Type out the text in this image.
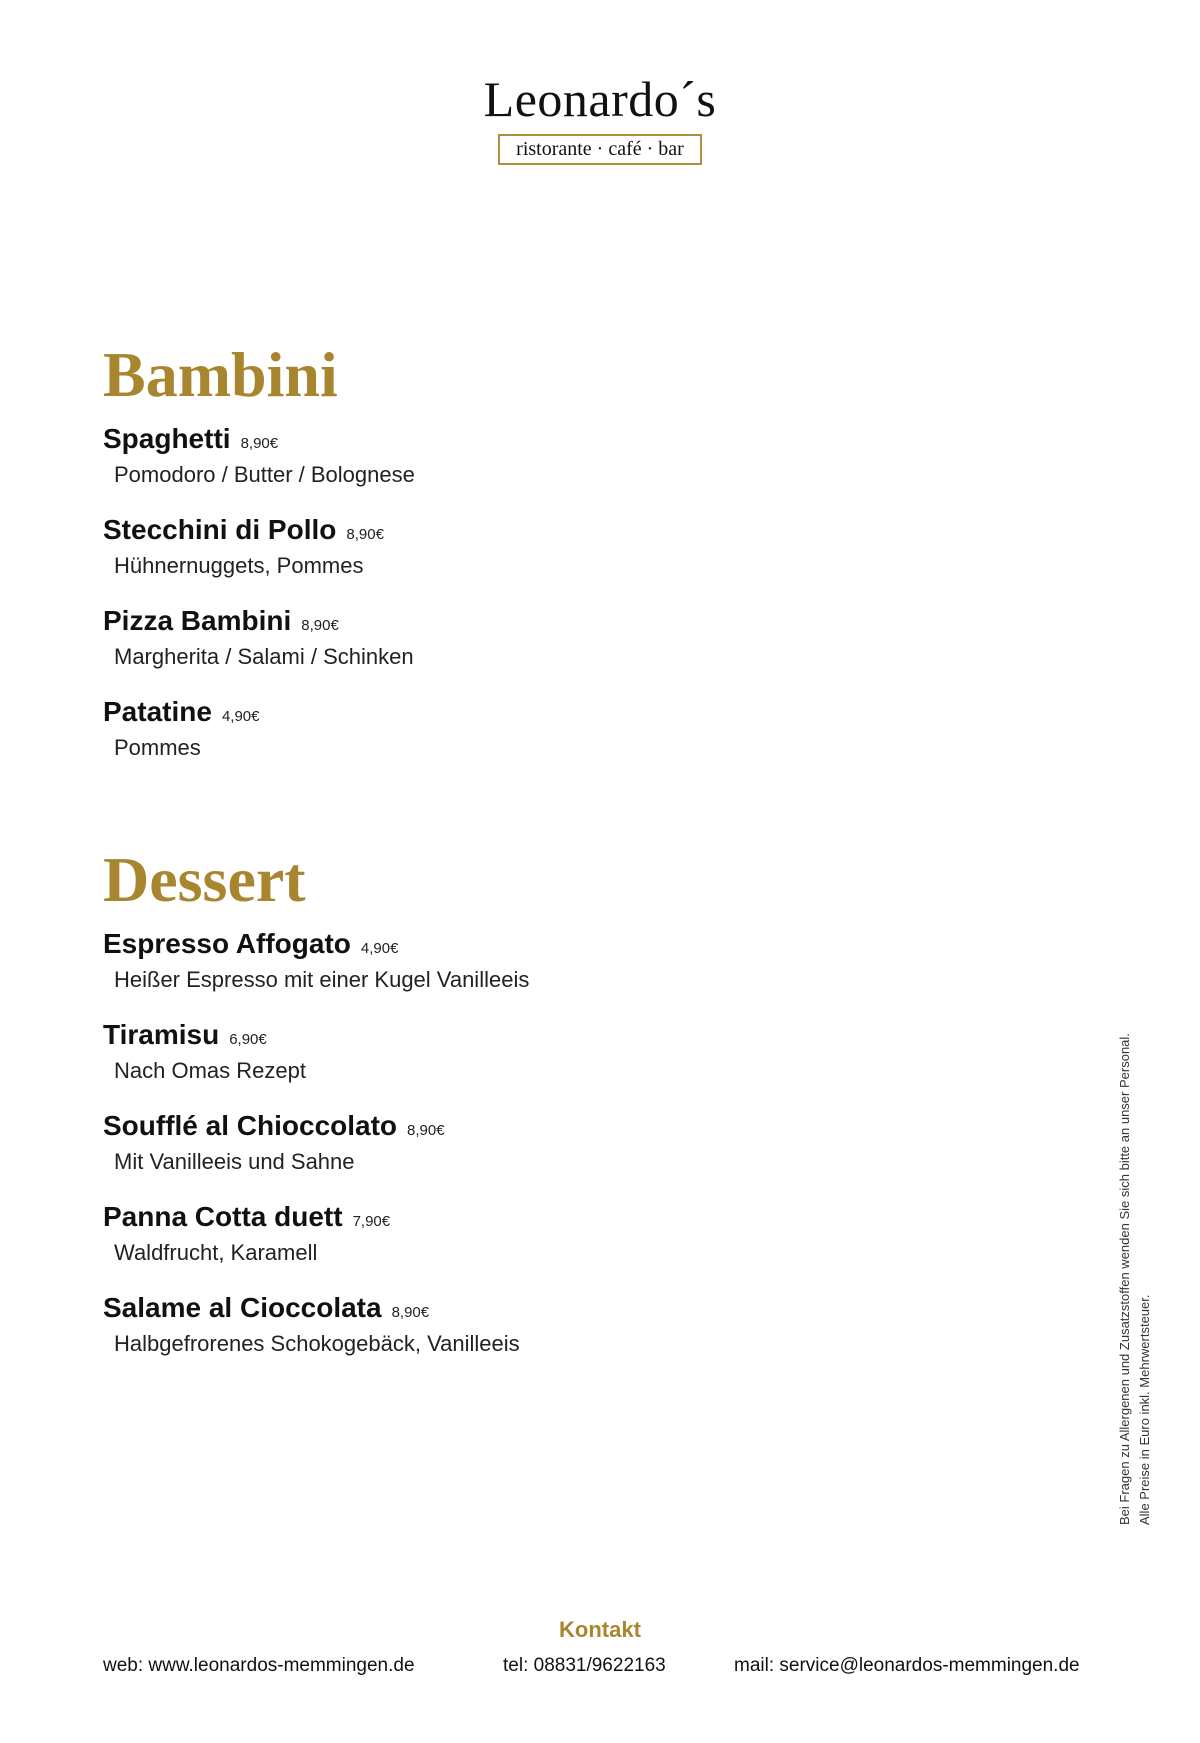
Leonardo´s
ristorante · café · bar
Bambini
Spaghetti 8,90€
Pomodoro / Butter / Bolognese
Stecchini di Pollo 8,90€
Hühnernuggets, Pommes
Pizza Bambini 8,90€
Margherita / Salami / Schinken
Patatine 4,90€
Pommes
Dessert
Espresso Affogato 4,90€
Heißer Espresso mit einer Kugel Vanilleeis
Tiramisu 6,90€
Nach Omas Rezept
Soufflé al Chioccolato 8,90€
Mit Vanilleeis und Sahne
Panna Cotta duett 7,90€
Waldfrucht, Karamell
Salame al Cioccolata 8,90€
Halbgefrorenes Schokogebäck, Vanilleeis	Bei Fragen zu Allergenen und Zusatzstoffen wenden Sie sich bitte an unser Personal. Alle Preise in Euro inkl. Mehrwertsteuer.
Kontakt
web: www.leonardos-memmingen.de	tel: 08831/9622163	mail: service@leonardos-memmingen.de
